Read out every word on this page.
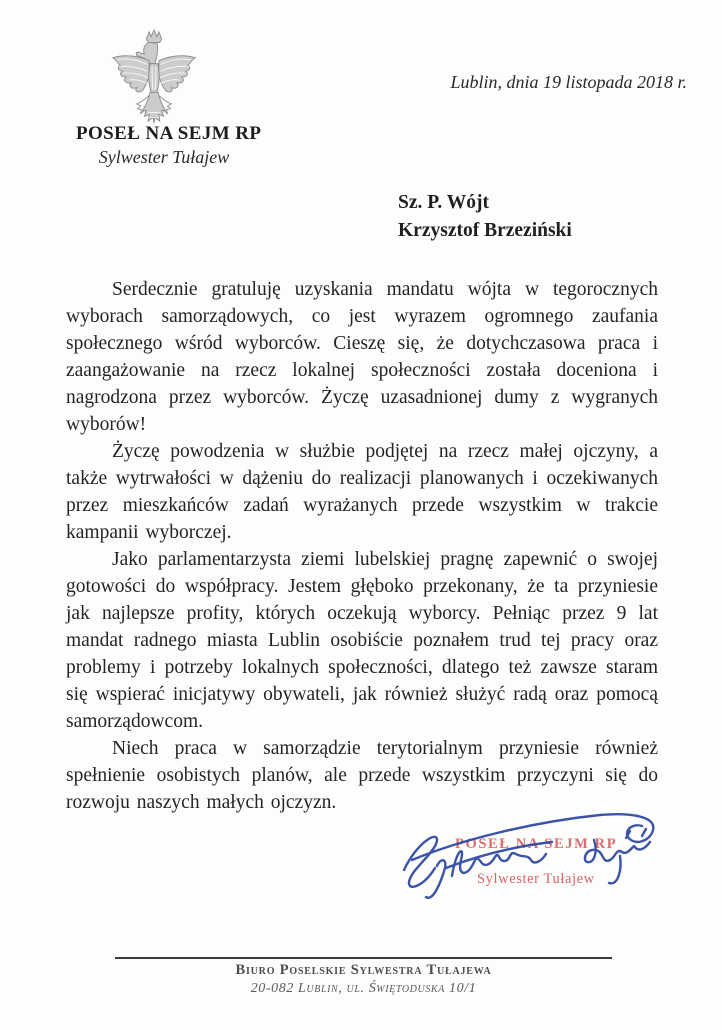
POSEŁ NA SEJM RP
Sylwester Tułajew
Lublin, dnia 19 listopada 2018 r.
Sz. P. Wójt
Krzysztof Brzeziński

Serdecznie gratuluję uzyskania mandatu wójta w tegorocznych wyborach samorządowych, co jest wyrazem ogromnego zaufania społecznego wśród wyborców. Cieszę się, że dotychczasowa praca i zaangażowanie na rzecz lokalnej społeczności została doceniona i nagrodzona przez wyborców. Życzę uzasadnionej dumy z wygranych wyborów!

Życzę powodzenia w służbie podjętej na rzecz małej ojczyny, a także wytrwałości w dążeniu do realizacji planowanych i oczekiwanych przez mieszkańców zadań wyrażanych przede wszystkim w trakcie kampanii wyborczej.

Jako parlamentarzysta ziemi lubelskiej pragnę zapewnić o swojej gotowości do współpracy. Jestem głęboko przekonany, że ta przyniesie jak najlepsze profity, których oczekują wyborcy. Pełniąc przez 9 lat mandat radnego miasta Lublin osobiście poznałem trud tej pracy oraz problemy i potrzeby lokalnych społeczności, dlatego też zawsze staram się wspierać inicjatywy obywateli, jak również służyć radą oraz pomocą samorządowcom.

Niech praca w samorządzie terytorialnym przyniesie również spełnienie osobistych planów, ale przede wszystkim przyczyni się do rozwoju naszych małych ojczyzn.

POSEŁ NA SEJM RP
Sylwester Tułajew
Biuro Poselskie Sylwestra Tułajewa
20-082 Lublin, ul. Świętoduska 10/1
